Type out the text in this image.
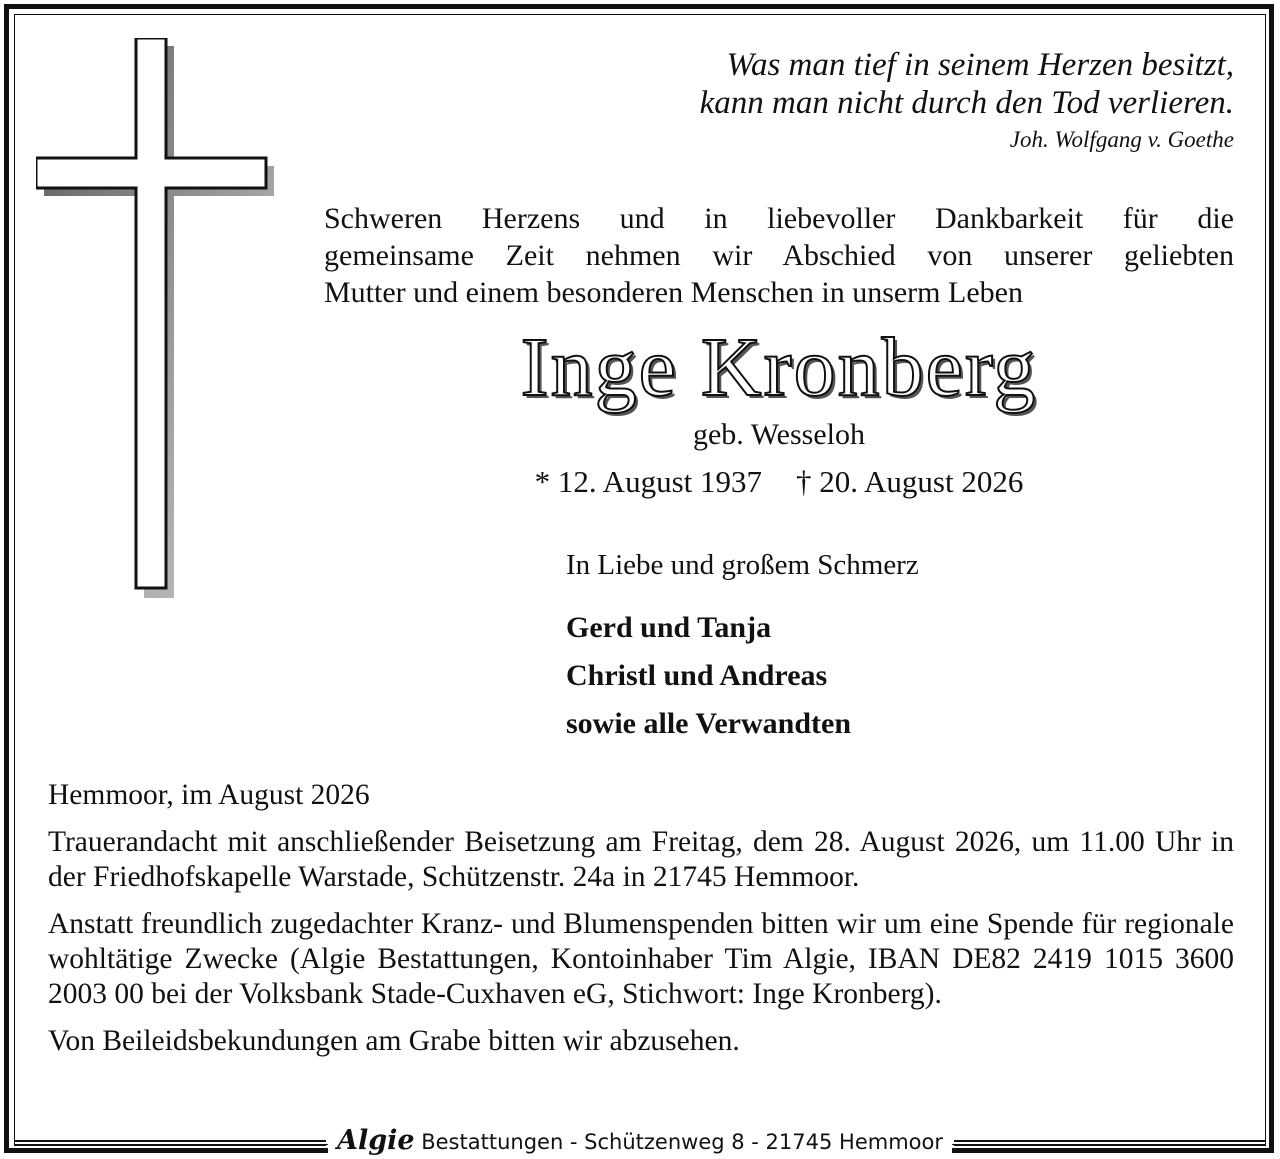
Was man tief in seinem Herzen besitzt,
kann man nicht durch den Tod verlieren.
Joh. Wolfgang v. Goethe

Schweren Herzens und in liebevoller Dankbarkeit für die

gemeinsame Zeit nehmen wir Abschied von unserer geliebten

Mutter und einem besonderen Menschen in unserm Leben

Inge Kronberg
geb. Wesseloh
* 12. August 1937 † 20. August 2026
In Liebe und großem Schmerz
Gerd und Tanja
Christl und Andreas
sowie alle Verwandten

Hemmoor, im August 2026

Trauerandacht mit anschließender Beisetzung am Freitag, dem 28. August 2026, um 11.00 Uhr in der Friedhofskapelle Warstade, Schützenstr. 24a in 21745 Hemmoor.

Anstatt freundlich zugedachter Kranz- und Blumenspenden bitten wir um eine Spende für regionale wohltätige Zwecke (Algie Bestattungen, Kontoinhaber Tim Algie, IBAN DE82 2419 1015 3600 2003 00 bei der Volksbank Stade-Cuxhaven eG, Stichwort: Inge Kronberg).

Von Beileidsbekundungen am Grabe bitten wir abzusehen.

Algie Bestattungen - Schützenweg 8 - 21745 Hemmoor
